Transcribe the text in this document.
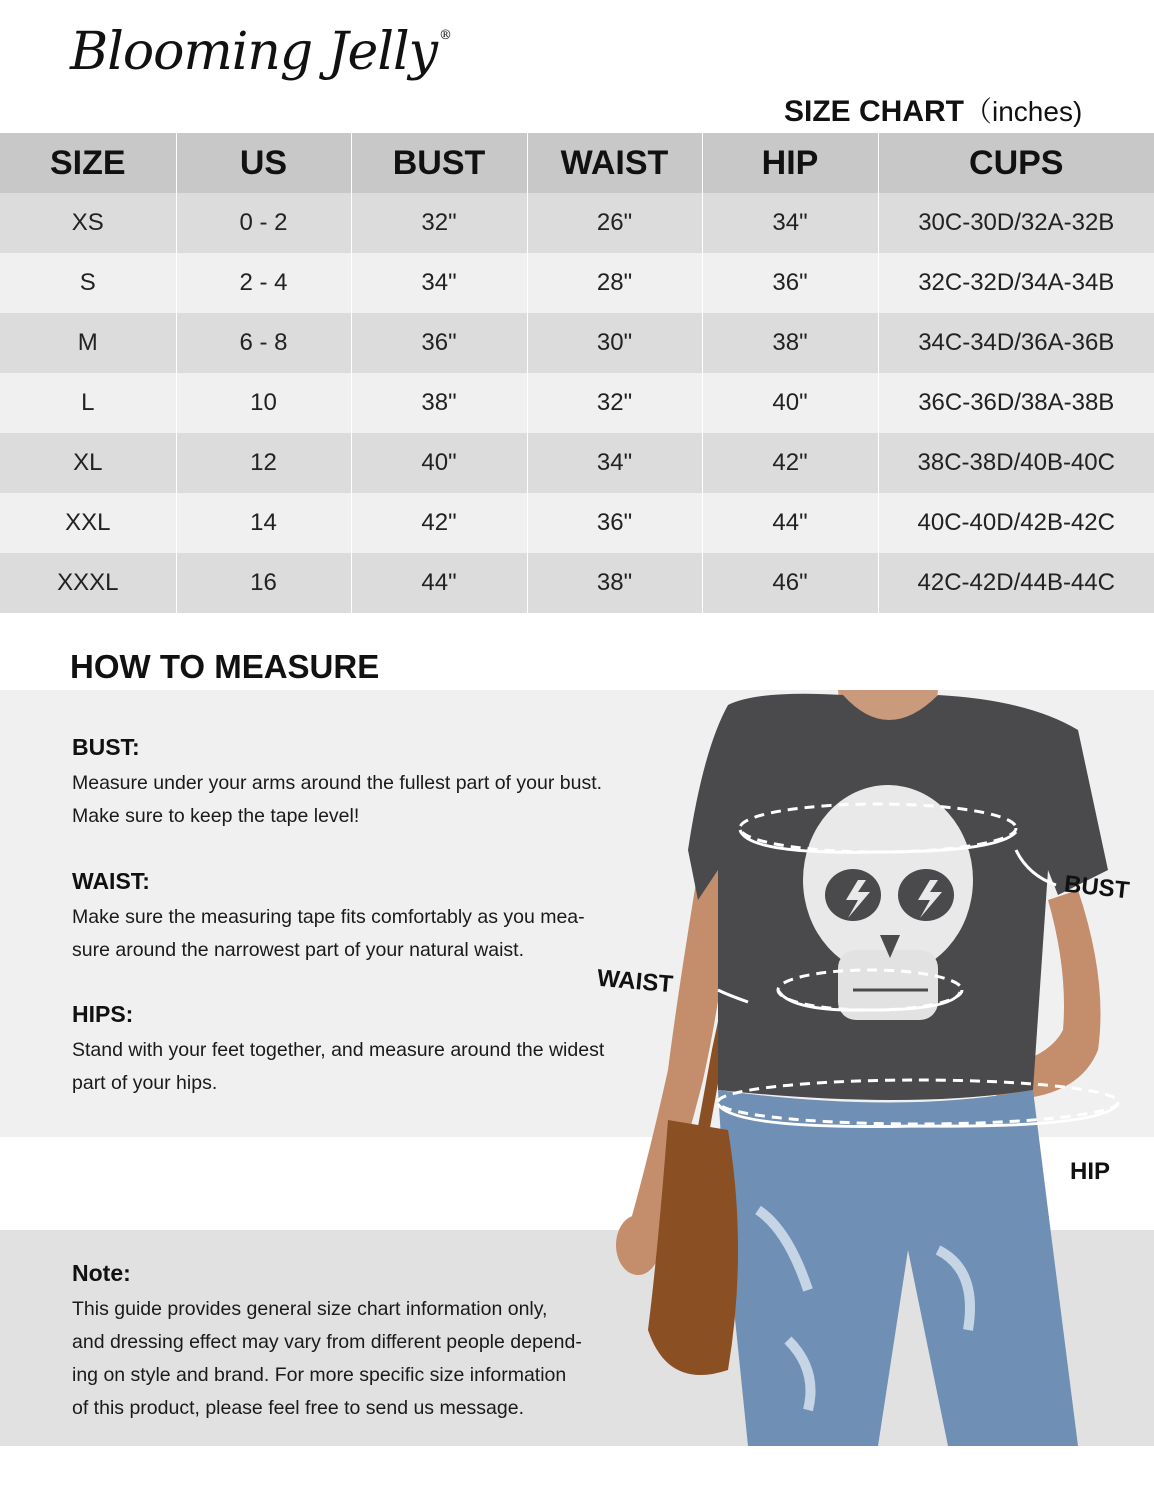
Blooming Jelly ®
SIZE CHART（inches)
SIZE	US	BUST	WAIST	HIP	CUPS
XS	0 - 2	32"	26"	34"	30C-30D/32A-32B
S	2 - 4	34"	28"	36"	32C-32D/34A-34B
M	6 - 8	36"	30"	38"	34C-34D/36A-36B
L	10	38"	32"	40"	36C-36D/38A-38B
XL	12	40"	34"	42"	38C-38D/40B-40C
XXL	14	42"	36"	44"	40C-40D/42B-42C
XXXL	16	44"	38"	46"	42C-42D/44B-44C
HOW TO MEASURE
BUST:

Measure under your arms around the fullest part of your bust.

Make sure to keep the tape level!

WAIST:

Make sure the measuring tape fits comfortably as you mea-

sure around the narrowest part of your natural waist.

HIPS:

Stand with your feet together, and measure around the widest

part of your hips.

Note:

This guide provides general size chart information only,

and dressing effect may vary from different people depend-

ing on style and brand. For more specific size information

of this product, please feel free to send us message.

BUST
WAIST
HIP
